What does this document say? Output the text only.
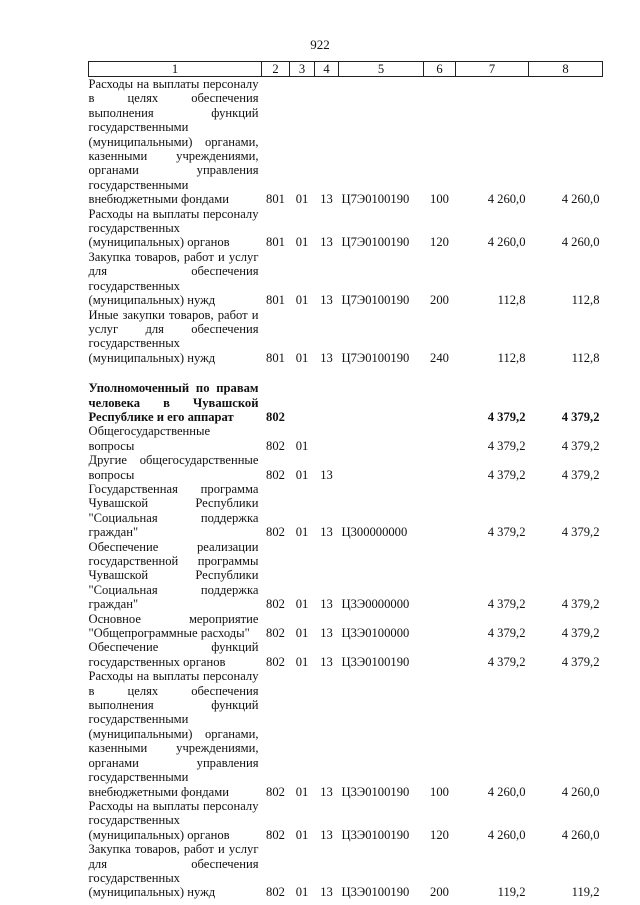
922
1	2	3	4	5	6	7	8
Расходы на выплаты персоналу в целях обеспечения выполнения функций государственными (муниципальными) органами, казенными учреждениями, органами управления государственными внебюджетными фондами	801	01	13	Ц7Э0100190	100	4 260,0	4 260,0
Расходы на выплаты персоналу государственных (муниципальных) органов	801	01	13	Ц7Э0100190	120	4 260,0	4 260,0
Закупка товаров, работ и услуг для обеспечения государственных (муниципальных) нужд	801	01	13	Ц7Э0100190	200	112,8	112,8
Иные закупки товаров, работ и услуг для обеспечения государственных (муниципальных) нужд	801	01	13	Ц7Э0100190	240	112,8	112,8
Уполномоченный по правам человека в Чувашской Республике и его аппарат	802					4 379,2	4 379,2
Общегосударственные вопросы	802	01				4 379,2	4 379,2
Другие общегосударственные вопросы	802	01	13			4 379,2	4 379,2
Государственная программа Чувашской Республики "Социальная поддержка граждан"	802	01	13	Ц300000000		4 379,2	4 379,2
Обеспечение реализации государственной программы Чувашской Республики "Социальная поддержка граждан"	802	01	13	Ц3Э0000000		4 379,2	4 379,2
Основное мероприятие "Общепрограммные расходы"	802	01	13	Ц3Э0100000		4 379,2	4 379,2
Обеспечение функций государственных органов	802	01	13	Ц3Э0100190		4 379,2	4 379,2
Расходы на выплаты персоналу в целях обеспечения выполнения функций государственными (муниципальными) органами, казенными учреждениями, органами управления государственными внебюджетными фондами	802	01	13	Ц3Э0100190	100	4 260,0	4 260,0
Расходы на выплаты персоналу государственных (муниципальных) органов	802	01	13	Ц3Э0100190	120	4 260,0	4 260,0
Закупка товаров, работ и услуг для обеспечения государственных (муниципальных) нужд	802	01	13	Ц3Э0100190	200	119,2	119,2
